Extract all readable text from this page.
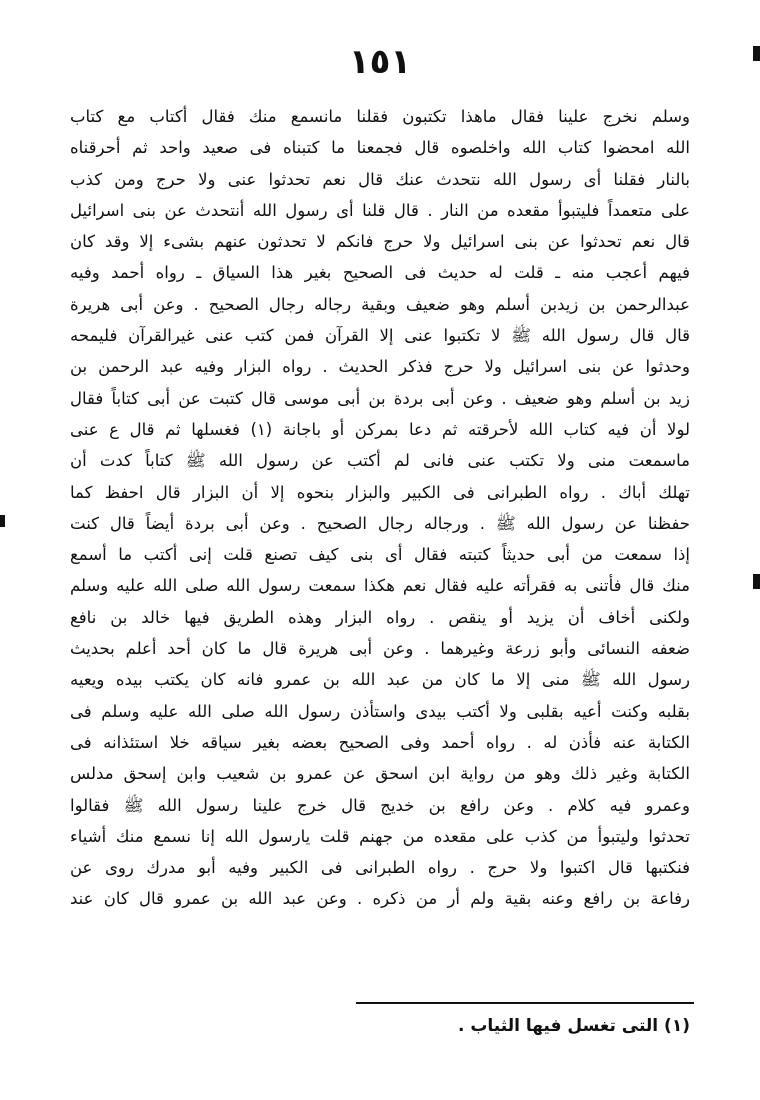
١٥١
وسلم نخرج علينا فقال ماهذا تكتبون فقلنا مانسمع منك فقال أكتاب مع كتاب
الله امحضوا كتاب الله واخلصوه قال فجمعنا ما كتبناه فى صعيد واحد ثم أحرقناه
بالنار فقلنا أى رسول الله نتحدث عنك قال نعم تحدثوا عنى ولا حرج ومن كذب
على متعمداً فليتبوأ مقعده من النار . قال قلنا أى رسول الله أنتحدث عن بنى اسرائيل
قال نعم تحدثوا عن بنى اسرائيل ولا حرج فانكم لا تحدثون عنهم بشىء إلا وقد كان
فيهم أعجب منه ـ قلت له حديث فى الصحيح بغير هذا السياق ـ رواه أحمد وفيه
عبدالرحمن بن زيدبن أسلم وهو ضعيف وبقية رجاله رجال الصحيح . وعن أبى هريرة
قال قال رسول الله ﷺ لا تكتبوا عنى إلا القرآن فمن كتب عنى غيرالقرآن فليمحه
وحدثوا عن بنى اسرائيل ولا حرج فذكر الحديث . رواه البزار وفيه عبد الرحمن بن
زيد بن أسلم وهو ضعيف . وعن أبى بردة بن أبى موسى قال كتبت عن أبى كتاباً فقال
لولا أن فيه كتاب الله لأحرقته ثم دعا بمركن أو باجانة (١) فغسلها ثم قال ع عنى
ماسمعت منى ولا تكتب عنى فانى لم أكتب عن رسول الله ﷺ كتاباً كدت أن
تهلك أباك . رواه الطبرانى فى الكبير والبزار بنحوه إلا أن البزار قال احفظ كما
حفظنا عن رسول الله ﷺ . ورجاله رجال الصحيح . وعن أبى بردة أيضاً قال كنت
إذا سمعت من أبى حديثاً كتبته فقال أى بنى كيف تصنع قلت إنى أكتب ما أسمع
منك قال فأتنى به فقرأته عليه فقال نعم هكذا سمعت رسول الله صلى الله عليه وسلم
ولكنى أخاف أن يزيد أو ينقص . رواه البزار وهذه الطريق فيها خالد بن نافع
ضعفه النسائى وأبو زرعة وغيرهما . وعن أبى هريرة قال ما كان أحد أعلم بحديث
رسول الله ﷺ منى إلا ما كان من عبد الله بن عمرو فانه كان يكتب بيده ويعيه
بقلبه وكنت أعيه بقلبى ولا أكتب بيدى واستأذن رسول الله صلى الله عليه وسلم فى
الكتابة عنه فأذن له . رواه أحمد وفى الصحيح بعضه بغير سياقه خلا استئذانه فى
الكتابة وغير ذلك وهو من رواية ابن اسحق عن عمرو بن شعيب وابن إسحق مدلس
وعمرو فيه كلام . وعن رافع بن خديج قال خرج علينا رسول الله ﷺ فقالوا
تحدثوا وليتبوأ من كذب على مقعده من جهنم قلت يارسول الله إنا نسمع منك أشياء
فنكتبها قال اكتبوا ولا حرج . رواه الطبرانى فى الكبير وفيه أبو مدرك روى عن
رفاعة بن رافع وعنه بقية ولم أر من ذكره . وعن عبد الله بن عمرو قال كان عند
(١) التى تغسل فيها الثياب .
